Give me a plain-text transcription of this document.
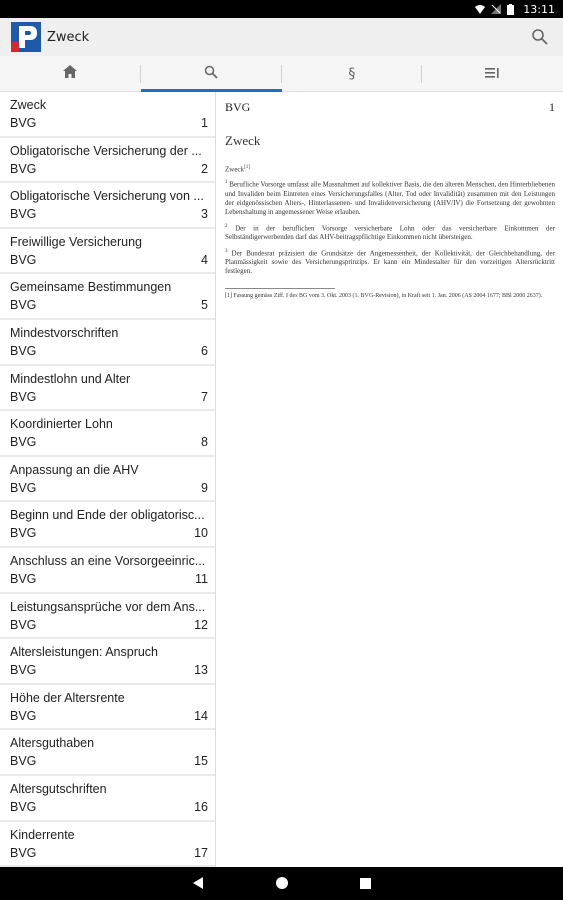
13:11
Zweck
§
Zweck
BVG	1
Obligatorische Versicherung der ...
BVG	2
Obligatorische Versicherung von ...
BVG	3
Freiwillige Versicherung
BVG	4
Gemeinsame Bestimmungen
BVG	5
Mindestvorschriften
BVG	6
Mindestlohn und Alter
BVG	7
Koordinierter Lohn
BVG	8
Anpassung an die AHV
BVG	9
Beginn und Ende der obligatorisc...
BVG	10
Anschluss an eine Vorsorgeeinric...
BVG	11
Leistungsansprüche vor dem Ans...
BVG	12
Altersleistungen: Anspruch
BVG	13
Höhe der Altersrente
BVG	14
Altersguthaben
BVG	15
Altersgutschriften
BVG	16
Kinderrente
BVG	17
BVG	1
Zweck
Zweck[1]

$^1$ Berufliche Vorsorge umfasst alle Massnahmen auf kollektiver Basis, die den älteren Menschen, den Hinterbliebenen und Invaliden beim Eintreten eines Versicherungsfalles (Alter, Tod oder Invalidität) zusammen mit den Leistungen der eidgenössischen Alters-, Hinterlassenen- und Invalidenversicherung (AHV/IV) die Fortsetzung der gewohnten Lebenshaltung in angemessener Weise erlauben.

$^2$ Der in der beruflichen Vorsorge versicherbare Lohn oder das versicherbare Einkommen der Selbständigerwerbenden darf das AHV-beitragspflichtige Einkommen nicht übersteigen.

$^3$ Der Bundesrat präzisiert die Grundsätze der Angemessenheit, der Kollektivität, der Gleichbehandlung, der Planmässigkeit sowie des Versicherungsprinzips. Er kann ein Mindestalter für den vorzeitigen Altersrücktritt festlegen.

[1] Fassung gemäss Ziff. I des BG vom 3. Okt. 2003 (1. BVG-Revision), in Kraft seit 1. Jan. 2006 (AS 2004 1677; BBl 2000 2637).
